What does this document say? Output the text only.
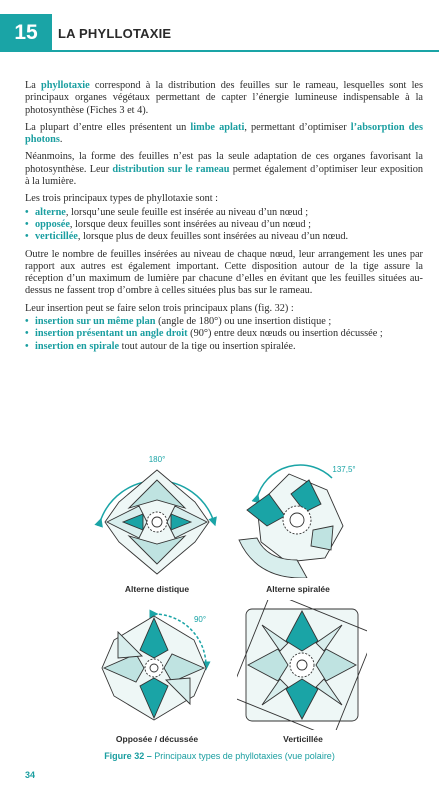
15	LA PHYLLOTAXIE

La phyllotaxie correspond à la distribution des feuilles sur le rameau, lesquelles sont les principaux organes végétaux permettant de capter l’énergie lumineuse indispensable à la photosynthèse (Fiches 3 et 4).

La plupart d’entre elles présentent un limbe aplati, permettant d’optimiser l’absorption des photons.

Néanmoins, la forme des feuilles n’est pas la seule adaptation de ces organes favorisant la photosynthèse. Leur distribution sur le rameau permet également d’optimiser leur exposition à la lumière.

Les trois principaux types de phyllotaxie sont :

• alterne, lorsqu’une seule feuille est insérée au niveau d’un nœud ;
• opposée, lorsque deux feuilles sont insérées au niveau d’un nœud ;
• verticillée, lorsque plus de deux feuilles sont insérées au niveau d’un nœud.

Outre le nombre de feuilles insérées au niveau de chaque nœud, leur arrangement les unes par rapport aux autres est également important. Cette disposition autour de la tige assure la réception d’un maximum de lumière par chacune d’elles en évitant que les feuilles situées au-dessus ne fassent trop d’ombre à celles situées plus bas sur le rameau.

Leur insertion peut se faire selon trois principaux plans (fig. 32) :

• insertion sur un même plan (angle de 180°) ou une insertion distique ;
• insertion présentant un angle droit (90°) entre deux nœuds ou insertion décussée ;
• insertion en spirale tout autour de la tige ou insertion spiralée.
180°
137,5°
90°
Alterne distique	Alterne spiralée
Opposée / décussée	Verticillée
Figure 32 – Principaux types de phyllotaxies (vue polaire)
34
